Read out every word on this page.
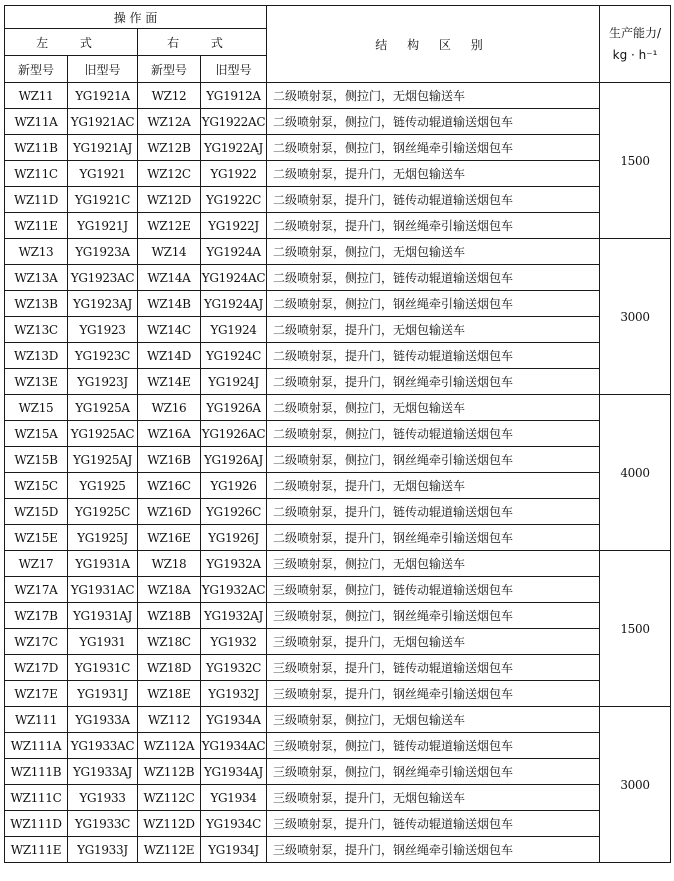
操 作 面				结 构 区 别	生产能力/
kg · h⁻¹

左 式		右 式			
新型号	旧型号	新型号	旧型号		
WZ11	YG1921A	WZ12	YG1912A	二级喷射泵，侧拉门，无烟包输送车	1500
WZ11A	YG1921AC	WZ12A	YG1922AC	二级喷射泵，侧拉门，链传动辊道输送烟包车	
WZ11B	YG1921AJ	WZ12B	YG1922AJ	二级喷射泵，侧拉门，钢丝绳牵引输送烟包车	
WZ11C	YG1921	WZ12C	YG1922	二级喷射泵，提升门，无烟包输送车	
WZ11D	YG1921C	WZ12D	YG1922C	二级喷射泵，提升门，链传动辊道输送烟包车	
WZ11E	YG1921J	WZ12E	YG1922J	二级喷射泵，提升门，钢丝绳牵引输送烟包车	
WZ13	YG1923A	WZ14	YG1924A	二级喷射泵，侧拉门，无烟包输送车	3000
WZ13A	YG1923AC	WZ14A	YG1924AC	二级喷射泵，侧拉门，链传动辊道输送烟包车	
WZ13B	YG1923AJ	WZ14B	YG1924AJ	二级喷射泵，侧拉门，钢丝绳牵引输送烟包车	
WZ13C	YG1923	WZ14C	YG1924	二级喷射泵，提升门，无烟包输送车	
WZ13D	YG1923C	WZ14D	YG1924C	二级喷射泵，提升门，链传动辊道输送烟包车	
WZ13E	YG1923J	WZ14E	YG1924J	二级喷射泵，提升门，钢丝绳牵引输送烟包车	
WZ15	YG1925A	WZ16	YG1926A	二级喷射泵，侧拉门，无烟包输送车	4000
WZ15A	YG1925AC	WZ16A	YG1926AC	二级喷射泵，侧拉门，链传动辊道输送烟包车	
WZ15B	YG1925AJ	WZ16B	YG1926AJ	二级喷射泵，侧拉门，钢丝绳牵引输送烟包车	
WZ15C	YG1925	WZ16C	YG1926	二级喷射泵，提升门，无烟包输送车	
WZ15D	YG1925C	WZ16D	YG1926C	二级喷射泵，提升门，链传动辊道输送烟包车	
WZ15E	YG1925J	WZ16E	YG1926J	二级喷射泵，提升门，钢丝绳牵引输送烟包车	
WZ17	YG1931A	WZ18	YG1932A	三级喷射泵，侧拉门，无烟包输送车	1500
WZ17A	YG1931AC	WZ18A	YG1932AC	三级喷射泵，侧拉门，链传动辊道输送烟包车	
WZ17B	YG1931AJ	WZ18B	YG1932AJ	三级喷射泵，侧拉门，钢丝绳牵引输送烟包车	
WZ17C	YG1931	WZ18C	YG1932	三级喷射泵，提升门，无烟包输送车	
WZ17D	YG1931C	WZ18D	YG1932C	三级喷射泵，提升门，链传动辊道输送烟包车	
WZ17E	YG1931J	WZ18E	YG1932J	三级喷射泵，提升门，钢丝绳牵引输送烟包车	
WZ111	YG1933A	WZ112	YG1934A	三级喷射泵，侧拉门，无烟包输送车	3000
WZ111A	YG1933AC	WZ112A	YG1934AC	三级喷射泵，侧拉门，链传动辊道输送烟包车	
WZ111B	YG1933AJ	WZ112B	YG1934AJ	三级喷射泵，侧拉门，钢丝绳牵引输送烟包车	
WZ111C	YG1933	WZ112C	YG1934	三级喷射泵，提升门，无烟包输送车	
WZ111D	YG1933C	WZ112D	YG1934C	三级喷射泵，提升门，链传动辊道输送烟包车	
WZ111E	YG1933J	WZ112E	YG1934J	三级喷射泵，提升门，钢丝绳牵引输送烟包车	
